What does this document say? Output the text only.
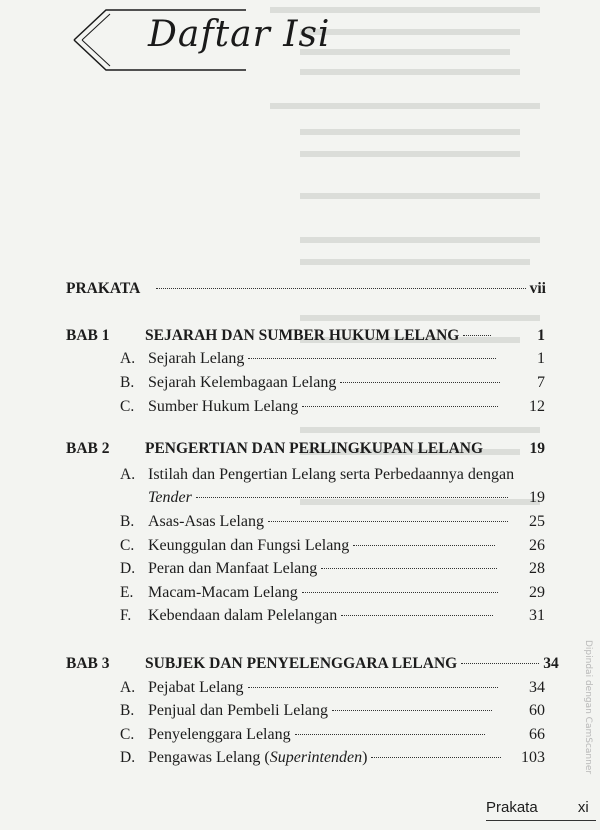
Daftar Isi
PRAKATA	vii
BAB 1 SEJARAH DAN SUMBER HUKUM LELANG	1
A. Sejarah Lelang	1
B. Sejarah Kelembagaan Lelang	7
C. Sumber Hukum Lelang	12
BAB 2 PENGERTIAN DAN PERLINGKUPAN LELANG	19
A. Istilah dan Pengertian Lelang serta Perbedaannya dengan
Tender	19
B. Asas-Asas Lelang	25
C. Keunggulan dan Fungsi Lelang	26
D. Peran dan Manfaat Lelang	28
E. Macam-Macam Lelang	29
F. Kebendaan dalam Pelelangan	31
BAB 3 SUBJEK DAN PENYELENGGARA LELANG	34
A. Pejabat Lelang	34
B. Penjual dan Pembeli Lelang	60
C. Penyelenggara Lelang	66
D. Pengawas Lelang ( Superintenden )	103
Prakata	xi
Dipindai dengan CamScanner
